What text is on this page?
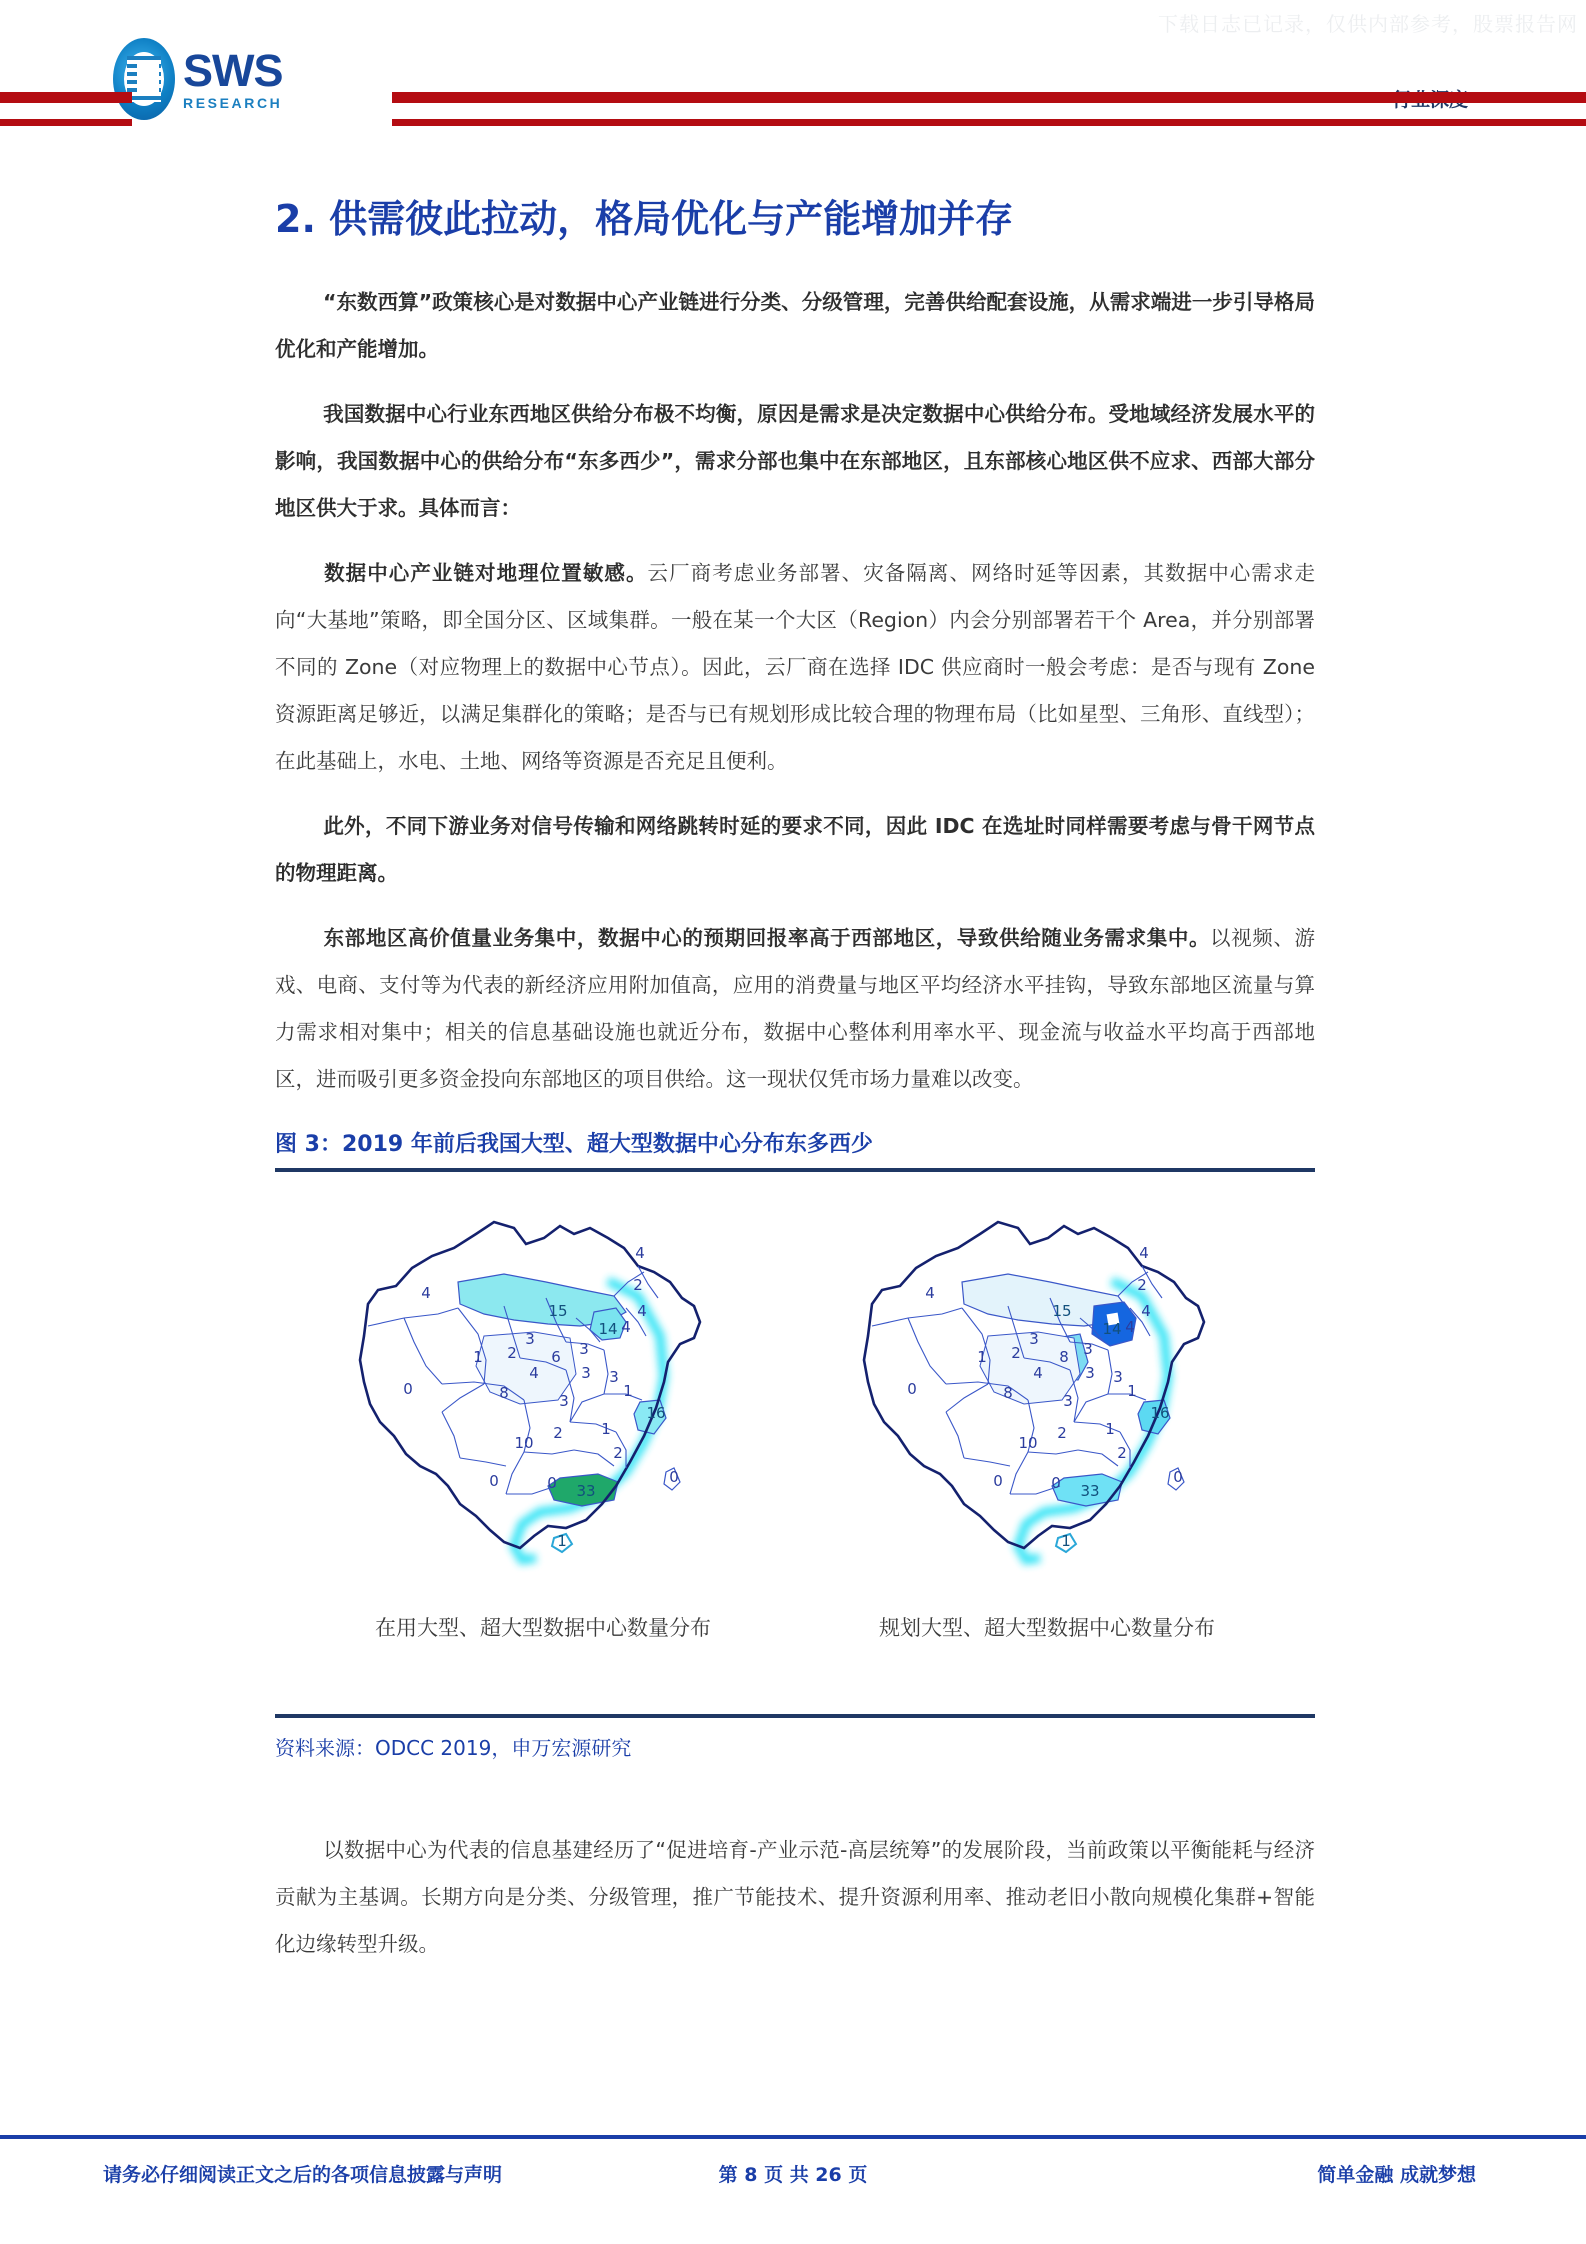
下载日志已记录，仅供内部参考，股票报告网
SWS
RESEARCH
2. 供需彼此拉动，格局优化与产能增加并存

“东数西算”政策核心是对数据中心产业链进行分类、分级管理，完善供给配套设施，从需求端进一步引导格局优化和产能增加。

我国数据中心行业东西地区供给分布极不均衡，原因是需求是决定数据中心供给分布。受地域经济发展水平的影响，我国数据中心的供给分布“东多西少”，需求分部也集中在东部地区，且东部核心地区供不应求、西部大部分地区供大于求。具体而言：

数据中心产业链对地理位置敏感。云厂商考虑业务部署、灾备隔离、网络时延等因素，其数据中心需求走向“大基地”策略，即全国分区、区域集群。一般在某一个大区（Region）内会分别部署若干个 Area，并分别部署不同的 Zone（对应物理上的数据中心节点）。因此，云厂商在选择 IDC 供应商时一般会考虑：是否与现有 Zone 资源距离足够近，以满足集群化的策略；是否与已有规划形成比较合理的物理布局（比如星型、三角形、直线型）；在此基础上，水电、土地、网络等资源是否充足且便利。

此外，不同下游业务对信号传输和网络跳转时延的要求不同，因此 IDC 在选址时同样需要考虑与骨干网节点的物理距离。

东部地区高价值量业务集中，数据中心的预期回报率高于西部地区，导致供给随业务需求集中。以视频、游戏、电商、支付等为代表的新经济应用附加值高，应用的消费量与地区平均经济水平挂钩，导致东部地区流量与算力需求相对集中；相关的信息基础设施也就近分布，数据中心整体利用率水平、现金流与收益水平均高于西部地区，进而吸引更多资金投向东部地区的项目供给。这一现状仅凭市场力量难以改变。

图 3：2019 年前后我国大型、超大型数据中心分布东多西少
4
0
1 2
3
15
4
2
4
14 4
6
4
3
3
8
3
1
3
16
2	1
2
10
0	0 33
1
0
4
0
1 2
3
15
4
2
4
14 4
8
4
3
3
8
3
1
3
16
2	1
2
10
0	0 33
1
0
在用大型、超大型数据中心数量分布	规划大型、超大型数据中心数量分布
资料来源：ODCC 2019，申万宏源研究

以数据中心为代表的信息基建经历了“促进培育-产业示范-高层统筹”的发展阶段，当前政策以平衡能耗与经济贡献为主基调。长期方向是分类、分级管理，推广节能技术、提升资源利用率、推动老旧小散向规模化集群+智能化边缘转型升级。

请务必仔细阅读正文之后的各项信息披露与声明	第 8 页 共 26 页	简单金融 成就梦想
